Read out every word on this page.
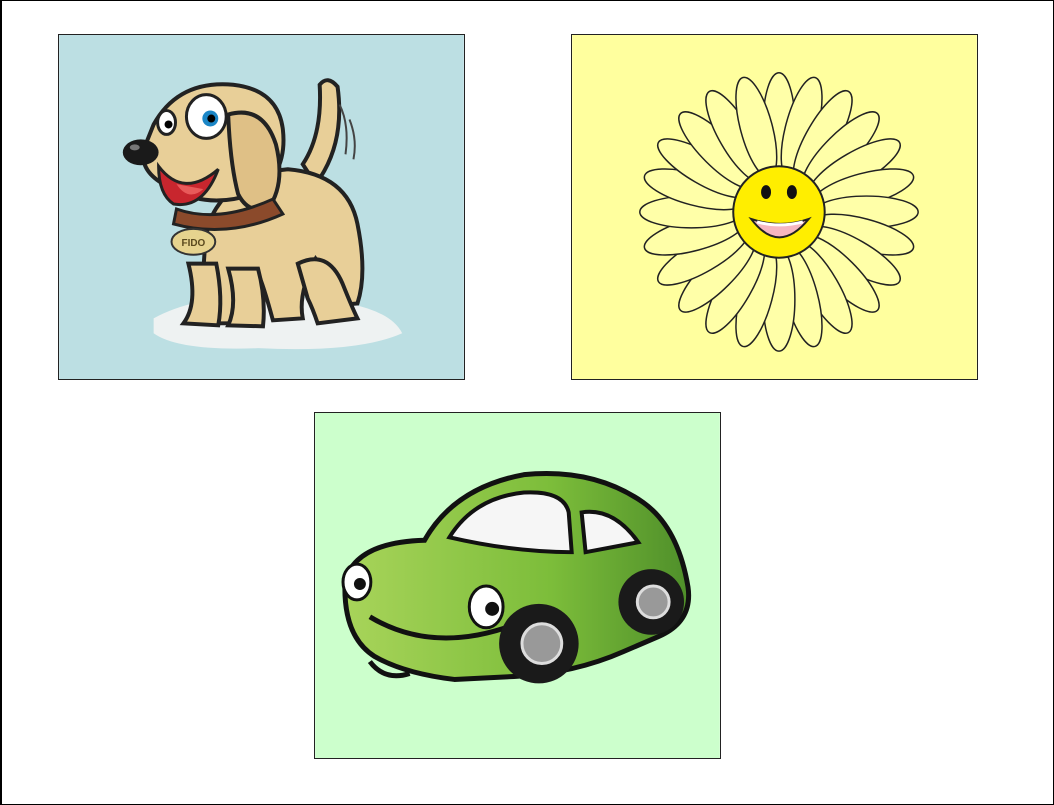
FIDO
